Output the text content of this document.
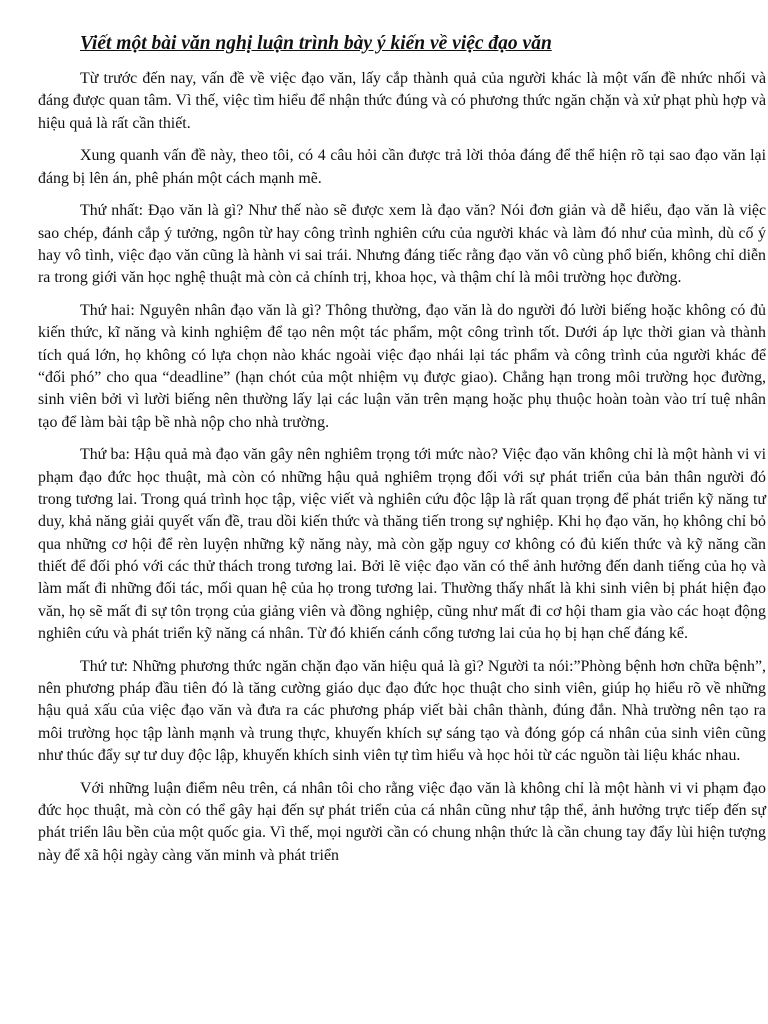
Viết một bài văn nghị luận trình bày ý kiến về việc đạo văn

Từ trước đến nay, vấn đề về việc đạo văn, lấy cắp thành quả của người khác là một vấn đề nhức nhối và đáng được quan tâm. Vì thế, việc tìm hiểu để nhận thức đúng và có phương thức ngăn chặn và xử phạt phù hợp và hiệu quả là rất cần thiết.

Xung quanh vấn đề này, theo tôi, có 4 câu hỏi cần được trả lời thỏa đáng để thể hiện rõ tại sao đạo văn lại đáng bị lên án, phê phán một cách mạnh mẽ.

Thứ nhất: Đạo văn là gì? Như thế nào sẽ được xem là đạo văn? Nói đơn giản và dễ hiểu, đạo văn là việc sao chép, đánh cắp ý tưởng, ngôn từ hay công trình nghiên cứu của người khác và làm đó như của mình, dù cố ý hay vô tình, việc đạo văn cũng là hành vi sai trái. Nhưng đáng tiếc rằng đạo văn vô cùng phổ biến, không chỉ diễn ra trong giới văn học nghệ thuật mà còn cả chính trị, khoa học, và thậm chí là môi trường học đường.

Thứ hai: Nguyên nhân đạo văn là gì? Thông thường, đạo văn là do người đó lười biếng hoặc không có đủ kiến thức, kĩ năng và kinh nghiệm để tạo nên một tác phẩm, một công trình tốt. Dưới áp lực thời gian và thành tích quá lớn, họ không có lựa chọn nào khác ngoài việc đạo nhái lại tác phẩm và công trình của người khác để “đối phó” cho qua “deadline” (hạn chót của một nhiệm vụ được giao). Chẳng hạn trong môi trường học đường, sinh viên bởi vì lười biếng nên thường lấy lại các luận văn trên mạng hoặc phụ thuộc hoàn toàn vào trí tuệ nhân tạo để làm bài tập bề nhà nộp cho nhà trường.

Thứ ba: Hậu quả mà đạo văn gây nên nghiêm trọng tới mức nào? Việc đạo văn không chỉ là một hành vi vi phạm đạo đức học thuật, mà còn có những hậu quả nghiêm trọng đối với sự phát triển của bản thân người đó trong tương lai. Trong quá trình học tập, việc viết và nghiên cứu độc lập là rất quan trọng để phát triển kỹ năng tư duy, khả năng giải quyết vấn đề, trau dồi kiến thức và thăng tiến trong sự nghiệp. Khi họ đạo văn, họ không chỉ bỏ qua những cơ hội để rèn luyện những kỹ năng này, mà còn gặp nguy cơ không có đủ kiến thức và kỹ năng cần thiết để đối phó với các thử thách trong tương lai. Bởi lẽ việc đạo văn có thể ảnh hưởng đến danh tiếng của họ và làm mất đi những đối tác, mối quan hệ của họ trong tương lai. Thường thấy nhất là khi sinh viên bị phát hiện đạo văn, họ sẽ mất đi sự tôn trọng của giảng viên và đồng nghiệp, cũng như mất đi cơ hội tham gia vào các hoạt động nghiên cứu và phát triển kỹ năng cá nhân. Từ đó khiến cánh cổng tương lai của họ bị hạn chế đáng kể.

Thứ tư: Những phương thức ngăn chặn đạo văn hiệu quả là gì? Người ta nói:”Phòng bệnh hơn chữa bệnh”, nên phương pháp đầu tiên đó là tăng cường giáo dục đạo đức học thuật cho sinh viên, giúp họ hiểu rõ về những hậu quả xấu của việc đạo văn và đưa ra các phương pháp viết bài chân thành, đúng đắn. Nhà trường nên tạo ra môi trường học tập lành mạnh và trung thực, khuyến khích sự sáng tạo và đóng góp cá nhân của sinh viên cũng như thúc đẩy sự tư duy độc lập, khuyến khích sinh viên tự tìm hiểu và học hỏi từ các nguồn tài liệu khác nhau.

Với những luận điểm nêu trên, cá nhân tôi cho rằng việc đạo văn là không chỉ là một hành vi vi phạm đạo đức học thuật, mà còn có thể gây hại đến sự phát triển của cá nhân cũng như tập thể, ảnh hưởng trực tiếp đến sự phát triển lâu bền của một quốc gia. Vì thế, mọi người cần có chung nhận thức là cần chung tay đẩy lùi hiện tượng này để xã hội ngày càng văn minh và phát triển
